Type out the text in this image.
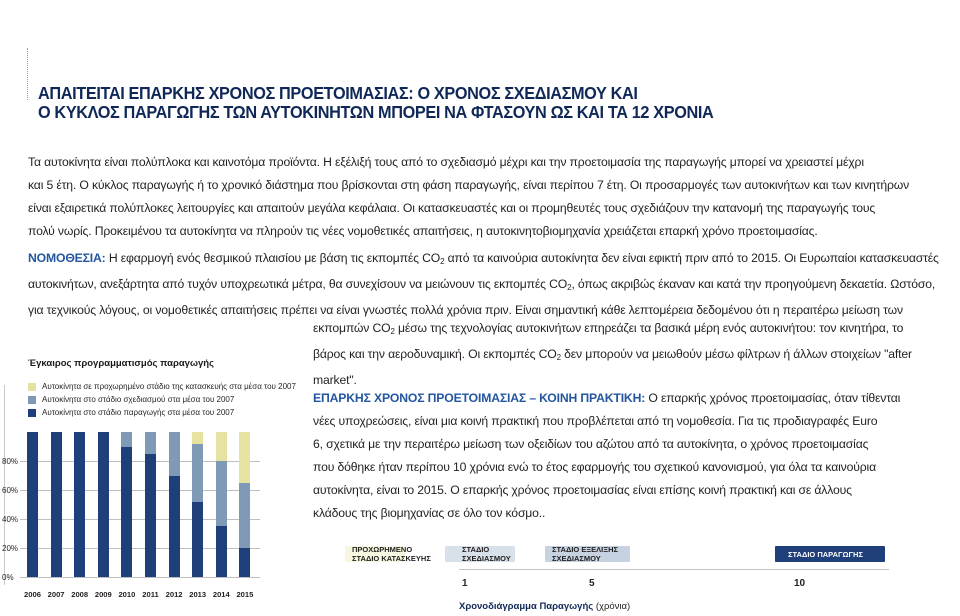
ΑΠΑΙΤΕΙΤΑΙ ΕΠΑΡΚΗΣ ΧΡΟΝΟΣ ΠΡΟΕΤΟΙΜΑΣΙΑΣ: Ο ΧΡΟΝΟΣ ΣΧΕΔΙΑΣΜΟΥ ΚΑΙ
Ο ΚΥΚΛΟΣ ΠΑΡΑΓΩΓΗΣ ΤΩΝ ΑΥΤΟΚΙΝΗΤΩΝ ΜΠΟΡΕΙ ΝΑ ΦΤΑΣΟΥΝ ΩΣ ΚΑΙ ΤΑ 12 ΧΡΟΝΙΑ
Τα αυτοκίνητα είναι πολύπλοκα και καινοτόμα προϊόντα. Η εξέλιξή τους από το σχεδιασμό μέχρι και την προετοιμασία της παραγωγής μπορεί να χρειαστεί μέχρι
και 5 έτη. Ο κύκλος παραγωγής ή το χρονικό διάστημα που βρίσκονται στη φάση παραγωγής, είναι περίπου 7 έτη. Οι προσαρμογές των αυτοκινήτων και των κινητήρων
είναι εξαιρετικά πολύπλοκες λειτουργίες και απαιτούν μεγάλα κεφάλαια. Οι κατασκευαστές και οι προμηθευτές τους σχεδιάζουν την κατανομή της παραγωγής τους
πολύ νωρίς. Προκειμένου τα αυτοκίνητα να πληρούν τις νέες νομοθετικές απαιτήσεις, η αυτοκινητοβιομηχανία χρειάζεται επαρκή χρόνο προετοιμασίας.
ΝΟΜΟΘΕΣΙΑ: Η εφαρμογή ενός θεσμικού πλαισίου με βάση τις εκπομπές $CO_2$ από τα καινούρια αυτοκίνητα δεν είναι εφικτή πριν από το 2015. Οι Ευρωπαίοι κατασκευαστές
αυτοκινήτων, ανεξάρτητα από τυχόν υποχρεωτικά μέτρα, θα συνεχίσουν να μειώνουν τις εκπομπές $CO_2$, όπως ακριβώς έκαναν και κατά την προηγούμενη δεκαετία. Ωστόσο,
για τεχνικούς λόγους, οι νομοθετικές απαιτήσεις πρέπει να είναι γνωστές πολλά χρόνια πριν. Είναι σημαντική κάθε λεπτομέρεια δεδομένου ότι η περαιτέρω μείωση των
εκπομπών $CO_2$ μέσω της τεχνολογίας αυτοκινήτων επηρεάζει τα βασικά μέρη ενός αυτοκινήτου: τον κινητήρα, το
βάρος και την αεροδυναμική. Οι εκπομπές $CO_2$ δεν μπορούν να μειωθούν μέσω φίλτρων ή άλλων στοιχείων "after
market".
ΕΠΑΡΚΗΣ ΧΡΟΝΟΣ ΠΡΟΕΤΟΙΜΑΣΙΑΣ – ΚΟΙΝΗ ΠΡΑΚΤΙΚΗ: Ο επαρκής χρόνος προετοιμασίας, όταν τίθενται
νέες υποχρεώσεις, είναι μια κοινή πρακτική που προβλέπεται από τη νομοθεσία. Για τις προδιαγραφές Euro
6, σχετικά με την περαιτέρω μείωση των οξειδίων του αζώτου από τα αυτοκίνητα, ο χρόνος προετοιμασίας
που δόθηκε ήταν περίπου 10 χρόνια ενώ το έτος εφαρμογής του σχετικού κανονισμού, για όλα τα καινούρια
αυτοκίνητα, είναι το 2015. Ο επαρκής χρόνος προετοιμασίας είναι επίσης κοινή πρακτική και σε άλλους
κλάδους της βιομηχανίας σε όλο τον κόσμο..
Έγκαιρος προγραμματισμός παραγωγής
Αυτοκίνητα σε προχωρημένο στάδιο της κατασκευής στα μέσα του 2007
Αυτοκίνητα στο στάδιο σχεδιασμού στα μέσα του 2007
Αυτοκίνητα στο στάδιο παραγωγής στα μέσα του 2007
0%
20%
40%
60%
80%
2006 2007 2008 2009 2010 2011 2012 2013 2014 2015
ΠΡΟΧΩΡΗΜΕΝΟ
ΣΤΑΔΙΟ ΚΑΤΑΣΚΕΥΗΣ
ΣΤΑΔΙΟ
ΣΧΕΔΙΑΣΜΟΥ
ΣΤΑΔΙΟ ΕΞΕΛΙΞΗΣ
ΣΧΕΔΙΑΣΜΟΥ	ΣΤΑΔΙΟ ΠΑΡΑΓΩΓΗΣ
1	5	10
Χρονοδιάγραμμα Παραγωγής (χρόνια)
